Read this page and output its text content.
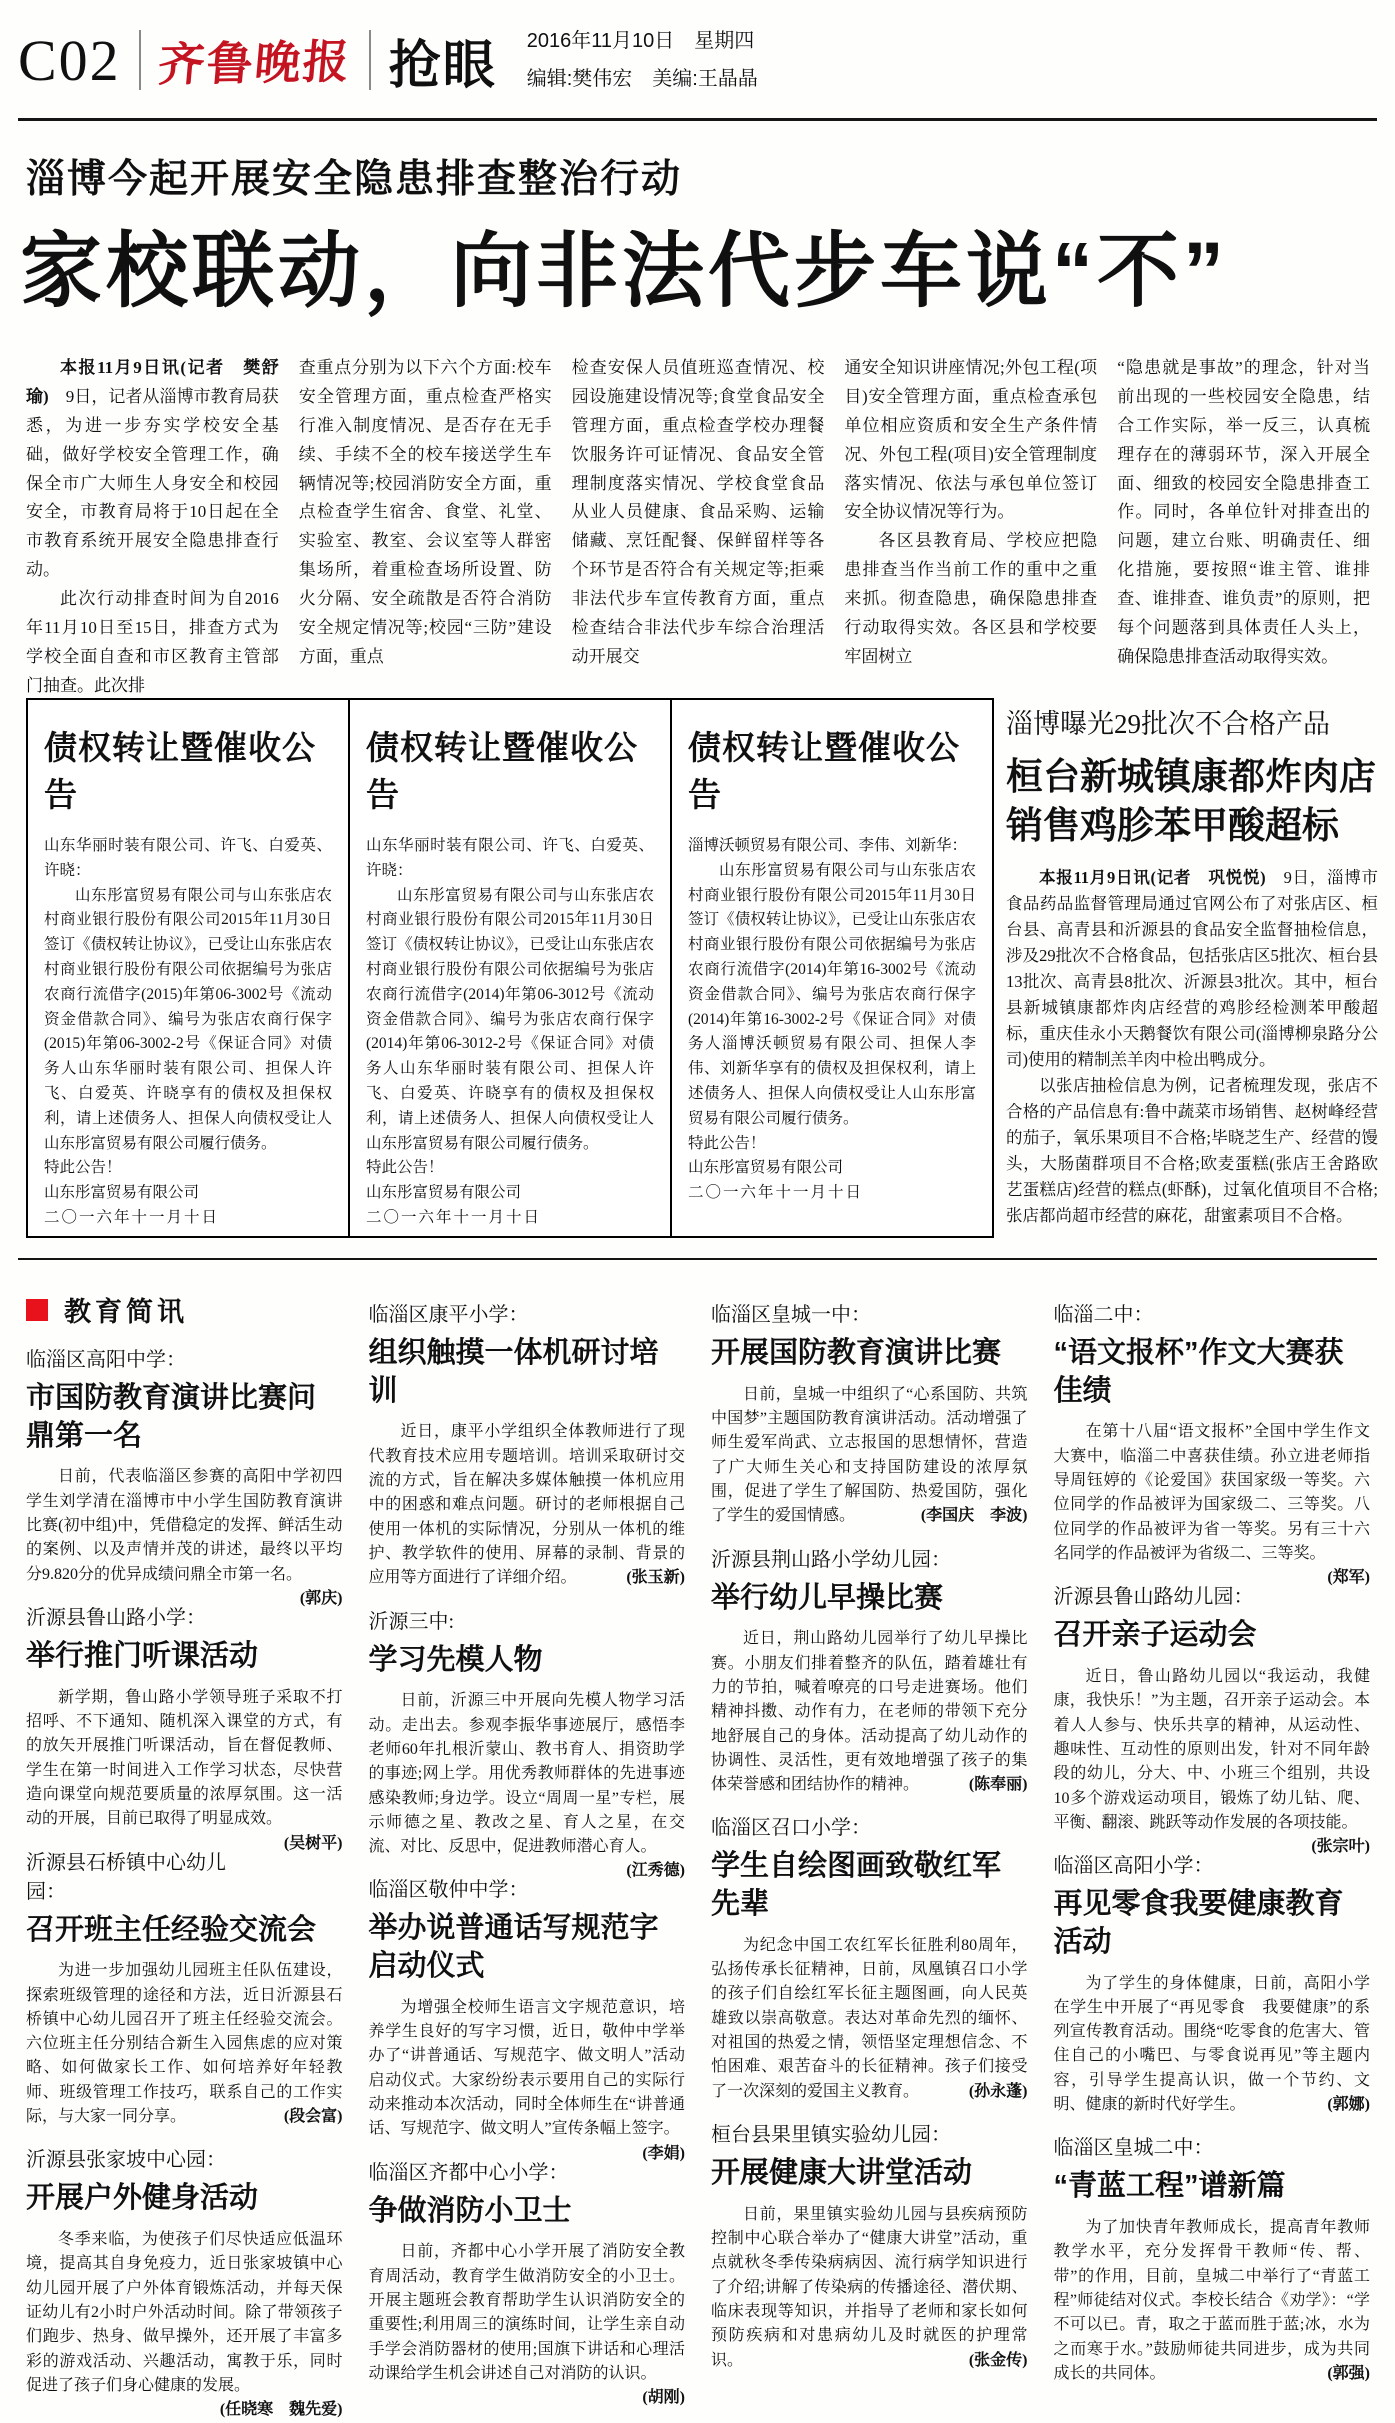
C02 齐鲁晚报 抢眼 2016年11月10日　星期四
编辑:樊伟宏　美编:王晶晶
淄博今起开展安全隐患排查整治行动
家校联动，向非法代步车说“不”

本报11月9日讯(记者　樊舒瑜)　9日，记者从淄博市教育局获悉，为进一步夯实学校安全基础，做好学校安全管理工作，确保全市广大师生人身安全和校园安全，市教育局将于10日起在全市教育系统开展安全隐患排查行动。

此次行动排查时间为自2016年11月10日至15日，排查方式为学校全面自查和市区教育主管部门抽查。此次排

查重点分别为以下六个方面:校车安全管理方面，重点检查严格实行准入制度情况、是否存在无手续、手续不全的校车接送学生车辆情况等;校园消防安全方面，重点检查学生宿舍、食堂、礼堂、实验室、教室、会议室等人群密集场所，着重检查场所设置、防火分隔、安全疏散是否符合消防安全规定情况等;校园“三防”建设方面，重点

检查安保人员值班巡查情况、校园设施建设情况等;食堂食品安全管理方面，重点检查学校办理餐饮服务许可证情况、食品安全管理制度落实情况、学校食堂食品从业人员健康、食品采购、运输储藏、烹饪配餐、保鲜留样等各个环节是否符合有关规定等;拒乘非法代步车宣传教育方面，重点检查结合非法代步车综合治理活动开展交

通安全知识讲座情况;外包工程(项目)安全管理方面，重点检查承包单位相应资质和安全生产条件情况、外包工程(项目)安全管理制度落实情况、依法与承包单位签订安全协议情况等行为。

各区县教育局、学校应把隐患排查当作当前工作的重中之重来抓。彻查隐患，确保隐患排查行动取得实效。各区县和学校要牢固树立

“隐患就是事故”的理念，针对当前出现的一些校园安全隐患，结合工作实际，举一反三，认真梳理存在的薄弱环节，深入开展全面、细致的校园安全隐患排查工作。同时，各单位针对排查出的问题，建立台账、明确责任、细化措施，要按照“谁主管、谁排查、谁排查、谁负责”的原则，把每个问题落到具体责任人头上，确保隐患排查活动取得实效。

债权转让暨催收公告

山东华丽时装有限公司、许飞、白爱英、许晓：

山东彤富贸易有限公司与山东张店农村商业银行股份有限公司2015年11月30日签订《债权转让协议》，已受让山东张店农村商业银行股份有限公司依据编号为张店农商行流借字(2015)年第06-3002号《流动资金借款合同》、编号为张店农商行保字(2015)年第06-3002-2号《保证合同》对债务人山东华丽时装有限公司、担保人许飞、白爱英、许晓享有的债权及担保权利，请上述债务人、担保人向债权受让人山东彤富贸易有限公司履行债务。

特此公告！

山东彤富贸易有限公司

二〇一六年十一月十日

债权转让暨催收公告

山东华丽时装有限公司、许飞、白爱英、许晓：

山东彤富贸易有限公司与山东张店农村商业银行股份有限公司2015年11月30日签订《债权转让协议》，已受让山东张店农村商业银行股份有限公司依据编号为张店农商行流借字(2014)年第06-3012号《流动资金借款合同》、编号为张店农商行保字(2014)年第06-3012-2号《保证合同》对债务人山东华丽时装有限公司、担保人许飞、白爱英、许晓享有的债权及担保权利，请上述债务人、担保人向债权受让人山东彤富贸易有限公司履行债务。

特此公告！

山东彤富贸易有限公司

二〇一六年十一月十日

债权转让暨催收公告

淄博沃顿贸易有限公司、李伟、刘新华：

山东彤富贸易有限公司与山东张店农村商业银行股份有限公司2015年11月30日签订《债权转让协议》，已受让山东张店农村商业银行股份有限公司依据编号为张店农商行流借字(2014)年第16-3002号《流动资金借款合同》、编号为张店农商行保字(2014)年第16-3002-2号《保证合同》对债务人淄博沃顿贸易有限公司、担保人李伟、刘新华享有的债权及担保权利，请上述债务人、担保人向债权受让人山东彤富贸易有限公司履行债务。

特此公告！

山东彤富贸易有限公司

二〇一六年十一月十日

淄博曝光29批次不合格产品

桓台新城镇康都炸肉店
销售鸡胗苯甲酸超标

本报11月9日讯(记者　巩悦悦)　9日，淄博市食品药品监督管理局通过官网公布了对张店区、桓台县、高青县和沂源县的食品安全监督抽检信息，涉及29批次不合格食品，包括张店区5批次、桓台县13批次、高青县8批次、沂源县3批次。其中，桓台县新城镇康都炸肉店经营的鸡胗经检测苯甲酸超标，重庆佳永小天鹅餐饮有限公司(淄博柳泉路分公司)使用的精制羔羊肉中检出鸭成分。

以张店抽检信息为例，记者梳理发现，张店不合格的产品信息有:鲁中蔬菜市场销售、赵树峰经营的茄子，氧乐果项目不合格;毕晓芝生产、经营的馒头，大肠菌群项目不合格;欧麦蛋糕(张店王舍路欧艺蛋糕店)经营的糕点(虾酥)，过氧化值项目不合格;张店都尚超市经营的麻花，甜蜜素项目不合格。

教育简讯
临淄区高阳中学：
市国防教育演讲比赛问鼎第一名

日前，代表临淄区参赛的高阳中学初四学生刘学清在淄博市中小学生国防教育演讲比赛(初中组)中，凭借稳定的发挥、鲜活生动的案例、以及声情并茂的讲述，最终以平均分9.820分的优异成绩问鼎全市第一名。
(郭庆)

沂源县鲁山路小学：
举行推门听课活动

新学期，鲁山路小学领导班子采取不打招呼、不下通知、随机深入课堂的方式，有的放矢开展推门听课活动，旨在督促教师、学生在第一时间进入工作学习状态，尽快营造向课堂向规范要质量的浓厚氛围。这一活动的开展，目前已取得了明显成效。
(吴树平)

沂源县石桥镇中心幼儿园：
召开班主任经验交流会

为进一步加强幼儿园班主任队伍建设，探索班级管理的途径和方法，近日沂源县石桥镇中心幼儿园召开了班主任经验交流会。六位班主任分别结合新生入园焦虑的应对策略、如何做家长工作、如何培养好年轻教师、班级管理工作技巧，联系自己的工作实际，与大家一同分享。	(段会富)

沂源县张家坡中心园：
开展户外健身活动

冬季来临，为使孩子们尽快适应低温环境，提高其自身免疫力，近日张家坡镇中心幼儿园开展了户外体育锻炼活动，并每天保证幼儿有2小时户外活动时间。除了带领孩子们跑步、热身、做早操外，还开展了丰富多彩的游戏活动、兴趣活动，寓教于乐，同时促进了孩子们身心健康的发展。
(任晓寒　魏先爱)

临淄区康平小学：
组织触摸一体机研讨培训

近日，康平小学组织全体教师进行了现代教育技术应用专题培训。培训采取研讨交流的方式，旨在解决多媒体触摸一体机应用中的困惑和难点问题。研讨的老师根据自己使用一体机的实际情况，分别从一体机的维护、教学软件的使用、屏幕的录制、背景的应用等方面进行了详细介绍。	(张玉新)

沂源三中:
学习先模人物

日前，沂源三中开展向先模人物学习活动。走出去。参观李振华事迹展厅，感悟李老师60年扎根沂蒙山、教书育人、捐资助学的事迹;网上学。用优秀教师群体的先进事迹感染教师;身边学。设立“周周一星”专栏，展示师德之星、教改之星、育人之星，在交流、对比、反思中，促进教师潜心育人。
(江秀德)

临淄区敬仲中学：
举办说普通话写规范字启动仪式

为增强全校师生语言文字规范意识，培养学生良好的写字习惯，近日，敬仲中学举办了“讲普通话、写规范字、做文明人”活动启动仪式。大家纷纷表示要用自己的实际行动来推动本次活动，同时全体师生在“讲普通话、写规范字、做文明人”宣传条幅上签字。
(李娟)

临淄区齐都中心小学：
争做消防小卫士

日前，齐都中心小学开展了消防安全教育周活动，教育学生做消防安全的小卫士。开展主题班会教育帮助学生认识消防安全的重要性;利用周三的演练时间，让学生亲自动手学会消防器材的使用;国旗下讲话和心理活动课给学生机会讲述自己对消防的认识。
(胡刚)

临淄区皇城一中：
开展国防教育演讲比赛

日前，皇城一中组织了“心系国防、共筑中国梦”主题国防教育演讲活动。活动增强了师生爱军尚武、立志报国的思想情怀，营造了广大师生关心和支持国防建设的浓厚氛围，促进了学生了解国防、热爱国防，强化了学生的爱国情感。	(李国庆　李波)

沂源县荆山路小学幼儿园：
举行幼儿早操比赛

近日，荆山路幼儿园举行了幼儿早操比赛。小朋友们排着整齐的队伍，踏着雄壮有力的节拍，喊着嘹亮的口号走进赛场。他们精神抖擞、动作有力，在老师的带领下充分地舒展自己的身体。活动提高了幼儿动作的协调性、灵活性，更有效地增强了孩子的集体荣誉感和团结协作的精神。	(陈奉丽)

临淄区召口小学：
学生自绘图画致敬红军先辈

为纪念中国工农红军长征胜利80周年，弘扬传承长征精神，日前，凤凰镇召口小学的孩子们自绘红军长征主题图画，向人民英雄致以崇高敬意。表达对革命先烈的缅怀、对祖国的热爱之情，领悟坚定理想信念、不怕困难、艰苦奋斗的长征精神。孩子们接受了一次深刻的爱国主义教育。	(孙永蓬)

桓台县果里镇实验幼儿园：
开展健康大讲堂活动

日前，果里镇实验幼儿园与县疾病预防控制中心联合举办了“健康大讲堂”活动，重点就秋冬季传染病病因、流行病学知识进行了介绍;讲解了传染病的传播途径、潜伏期、临床表现等知识，并指导了老师和家长如何预防疾病和对患病幼儿及时就医的护理常识。	(张金传)

临淄二中：
“语文报杯”作文大赛获佳绩

在第十八届“语文报杯”全国中学生作文大赛中，临淄二中喜获佳绩。孙立进老师指导周钰婷的《论爱国》获国家级一等奖。六位同学的作品被评为国家级二、三等奖。八位同学的作品被评为省一等奖。另有三十六名同学的作品被评为省级二、三等奖。
(郑军)

沂源县鲁山路幼儿园：
召开亲子运动会

近日，鲁山路幼儿园以“我运动，我健康，我快乐！”为主题，召开亲子运动会。本着人人参与、快乐共享的精神，从运动性、趣味性、互动性的原则出发，针对不同年龄段的幼儿，分大、中、小班三个组别，共设10多个游戏运动项目，锻炼了幼儿钻、爬、平衡、翻滚、跳跃等动作发展的各项技能。
(张宗叶)

临淄区高阳小学：
再见零食我要健康教育活动

为了学生的身体健康，日前，高阳小学在学生中开展了“再见零食　我要健康”的系列宣传教育活动。围绕“吃零食的危害大、管住自己的小嘴巴、与零食说再见”等主题内容，引导学生提高认识，做一个节约、文明、健康的新时代好学生。	(郭娜)

临淄区皇城二中：
“青蓝工程”谱新篇

为了加快青年教师成长，提高青年教师教学水平，充分发挥骨干教师“传、帮、带”的作用，目前，皇城二中举行了“青蓝工程”师徒结对仪式。李校长结合《劝学》：“学不可以已。青，取之于蓝而胜于蓝;冰，水为之而寒于水。”鼓励师徒共同进步，成为共同成长的共同体。	(郭强)
